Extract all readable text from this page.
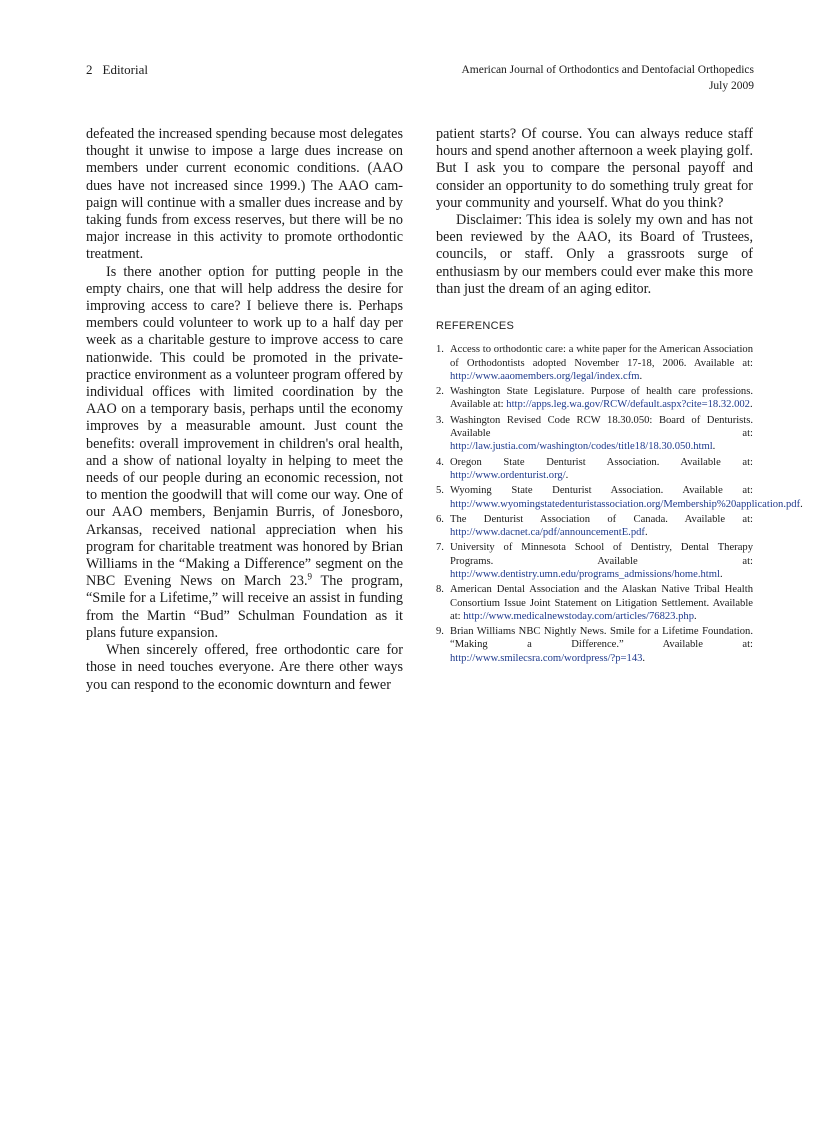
2 Editorial	American Journal of Orthodontics and Dentofacial Orthopedics
July 2009

defeated the increased spending because most delegates thought it unwise to impose a large dues increase on members under current economic conditions. (AAO dues have not increased since 1999.) The AAO campaign will continue with a smaller dues increase and by taking funds from excess reserves, but there will be no major increase in this activity to promote orthodontic treatment.

Is there another option for putting people in the empty chairs, one that will help address the desire for improving access to care? I believe there is. Perhaps members could volunteer to work up to a half day per week as a charitable gesture to improve access to care nationwide. This could be promoted in the private-practice environment as a volunteer program offered by individual offices with limited coordination by the AAO on a temporary basis, perhaps until the economy improves by a measurable amount. Just count the benefits: overall improvement in children's oral health, and a show of national loyalty in helping to meet the needs of our people during an economic recession, not to mention the goodwill that will come our way. One of our AAO members, Benjamin Burris, of Jonesboro, Arkansas, received national appreciation when his program for charitable treatment was honored by Brian Williams in the “Making a Difference” segment on the NBC Evening News on March 23.$^9$ The program, “Smile for a Lifetime,” will receive an assist in funding from the Martin “Bud” Schulman Foundation as it plans future expansion.

When sincerely offered, free orthodontic care for those in need touches everyone. Are there other ways you can respond to the economic downturn and fewer

patient starts? Of course. You can always reduce staff hours and spend another afternoon a week playing golf. But I ask you to compare the personal payoff and consider an opportunity to do something truly great for your community and yourself. What do you think?

Disclaimer: This idea is solely my own and has not been reviewed by the AAO, its Board of Trustees, councils, or staff. Only a grassroots surge of enthusiasm by our members could ever make this more than just the dream of an aging editor.

REFERENCES
1. Access to orthodontic care: a white paper for the American Association of Orthodontists adopted November 17-18, 2006. Available at: http://www.aaomembers.org/legal/index.cfm.
2. Washington State Legislature. Purpose of health care professions. Available at: http://apps.leg.wa.gov/RCW/default.aspx?cite=18.32.002.
3. Washington Revised Code RCW 18.30.050: Board of Denturists. Available at: http://law.justia.com/washington/codes/title18/18.30.050.html.
4. Oregon State Denturist Association. Available at: http://www.ordenturist.org/.
5. Wyoming State Denturist Association. Available at: http://www.wyomingstatedenturistassociation.org/Membership%20application.pdf.
6. The Denturist Association of Canada. Available at: http://www.dacnet.ca/pdf/announcementE.pdf.
7. University of Minnesota School of Dentistry, Dental Therapy Programs. Available at: http://www.dentistry.umn.edu/programs_admissions/home.html.
8. American Dental Association and the Alaskan Native Tribal Health Consortium Issue Joint Statement on Litigation Settlement. Available at: http://www.medicalnewstoday.com/articles/76823.php.
9. Brian Williams NBC Nightly News. Smile for a Lifetime Foundation. “Making a Difference.” Available at: http://www.smilecsra.com/wordpress/?p=143.
